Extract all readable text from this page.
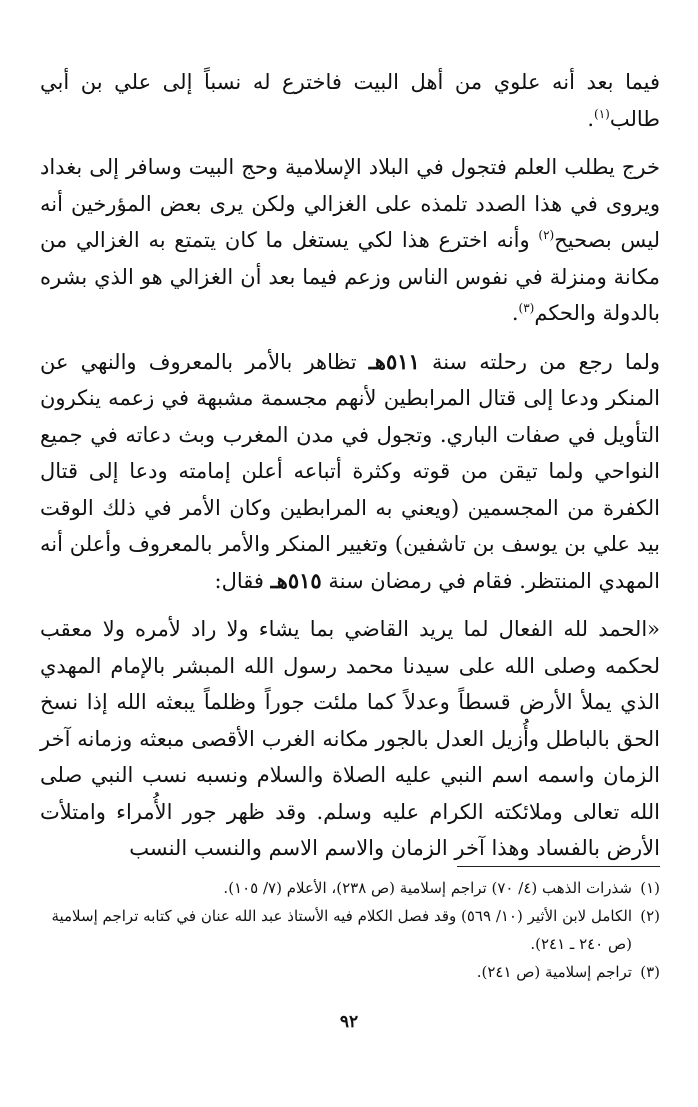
فيما بعد أنه علوي من أهل البيت فاخترع له نسباً إلى علي بن أبي طالب$^{(١)}$.

خرج يطلب العلم فتجول في البلاد الإسلامية وحج البيت وسافر إلى بغداد ويروى في هذا الصدد تلمذه على الغزالي ولكن يرى بعض المؤرخين أنه ليس بصحيح$^{(٢)}$ وأنه اخترع هذا لكي يستغل ما كان يتمتع به الغزالي من مكانة ومنزلة في نفوس الناس وزعم فيما بعد أن الغزالي هو الذي بشره بالدولة والحكم$^{(٣)}$.

ولما رجع من رحلته سنة ٥١١هـ تظاهر بالأمر بالمعروف والنهي عن المنكر ودعا إلى قتال المرابطين لأنهم مجسمة مشبهة في زعمه ينكرون التأويل في صفات الباري. وتجول في مدن المغرب وبث دعاته في جميع النواحي ولما تيقن من قوته وكثرة أتباعه أعلن إمامته ودعا إلى قتال الكفرة من المجسمين (ويعني به المرابطين وكان الأمر في ذلك الوقت بيد علي بن يوسف بن تاشفين) وتغيير المنكر والأمر بالمعروف وأعلن أنه المهدي المنتظر. فقام في رمضان سنة ٥١٥هـ فقال:

«الحمد لله الفعال لما يريد القاضي بما يشاء ولا راد لأمره ولا معقب لحكمه وصلى الله على سيدنا محمد رسول الله المبشر بالإمام المهدي الذي يملأ الأرض قسطاً وعدلاً كما ملئت جوراً وظلماً يبعثه الله إذا نسخ الحق بالباطل وأُزيل العدل بالجور مكانه الغرب الأقصى مبعثه وزمانه آخر الزمان واسمه اسم النبي عليه الصلاة والسلام ونسبه نسب النبي صلى الله تعالى وملائكته الكرام عليه وسلم. وقد ظهر جور الأُمراء وامتلأت الأرض بالفساد وهذا آخر الزمان والاسم الاسم والنسب النسب

(١)
شذرات الذهب (٤/ ٧٠) تراجم إسلامية (ص ٢٣٨)، الأعلام (٧/ ١٠٥).
(٢)
الكامل لابن الأثير (١٠/ ٥٦٩) وقد فصل الكلام فيه الأستاذ عبد الله عنان في كتابه تراجم إسلامية (ص ٢٤٠ ـ ٢٤١).
(٣)
تراجم إسلامية (ص ٢٤١).
٩٢
